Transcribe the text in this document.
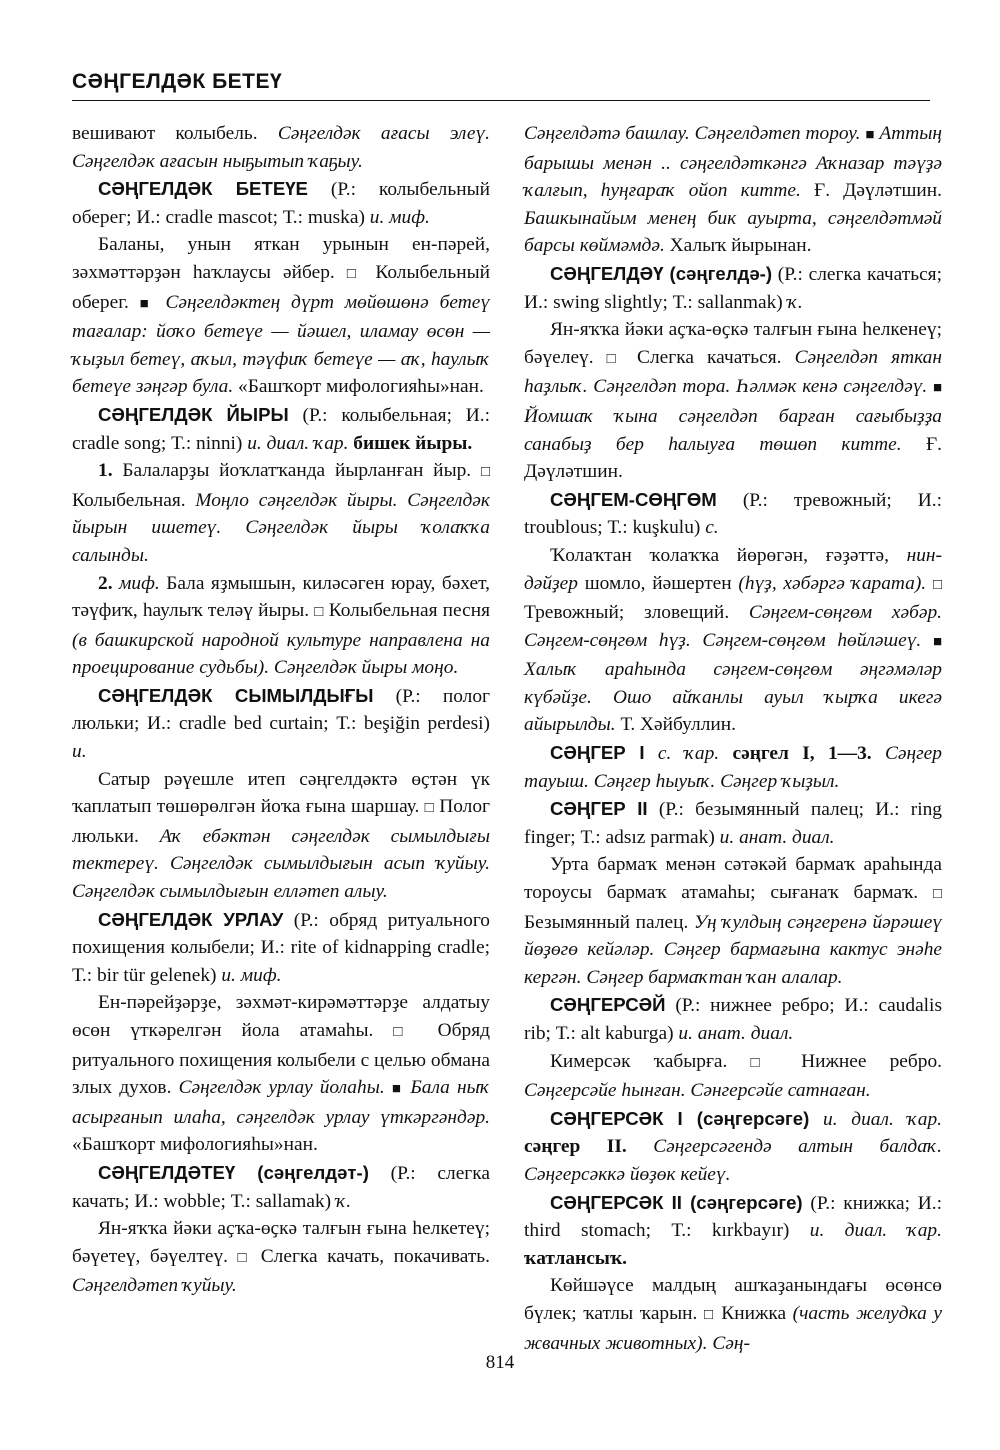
СӘҢГЕЛДӘК БЕТЕҮ

вешивают колыбель. Сәңгелдәк ағасы элеү. Сәңгелдәк ағасын ныҕытып ҡаҕыу.

СӘҢГЕЛДӘК БЕТЕҮЕ (Р.: колыбельный оберег; И.: cradle mascot; Т.: muska) и. миф.

Баланы, унын яткан урынын ен-пәрей, зәхмәттәрҙән һаҡлаусы әйбер. □ Колыбельный оберег. ■ Сәңгелдәктең дүрт мөйөшөнә бетеү тағалар: йоҡо бетеүе — йәшел, иламау өсөн — ҡыҙыл бетеү, аҡыл, тәүфиҡ бетеүе — аҡ, һаулыҡ бетеүе зәңгәр була. «Башҡорт мифологияһы»нан.

СӘҢГЕЛДӘК ЙЫРЫ (Р.: колыбельная; И.: cradle song; Т.: ninni) и. диал. ҡар. бишек йыры.

1. Балаларҙы йоҡлатҡанда йырланған йыр. □ Колыбельная. Моңло сәңгелдәк йыры. Сәңгелдәк йырын ишетеү. Сәңгелдәк йыры ҡолаҡҡа салынды.

2. миф. Бала яҙмышын, киләсәген юрау, бәхет, тәүфиҡ, һаулыҡ теләү йыры. □ Колыбельная песня (в башкирской народной культуре направлена на проецирование судьбы). Сәңгелдәк йыры моңо.

СӘҢГЕЛДӘК СЫМЫЛДЫҒЫ (Р.: полог люльки; И.: cradle bed curtain; Т.: beşiğin perdesi) и.

Сатыр рәүешле итеп сәңгелдәктә өҫтән үк ҡаплатып төшөрөлгән йоҡа ғына шаршау. □ Полог люльки. Аҡ ебәктән сәңгелдәк сымылдығы тектереү. Сәңгелдәк сымылдығын асып ҡуйыу. Сәңгелдәк сымылдығын елләтеп алыу.

СӘҢГЕЛДӘК УРЛАУ (Р.: обряд ритуального похищения колыбели; И.: rite of kidnapping cradle; Т.: bir tür gelenek) и. миф.

Ен-пәрейҙәрҙе, зәхмәт-кирәмәттәрҙе алдатыу өсөн үткәрелгән йола атамаһы. □ Обряд ритуального похищения колыбели с целью обмана злых духов. Сәңгелдәк урлау йолаһы. ■ Бала ныҡ асырғанып илаһа, сәңгелдәк урлау үткәргәндәр. «Башҡорт мифологияһы»нан.

СӘҢГЕЛДӘТЕҮ (сәңгелдәт-) (Р.: слегка качать; И.: wobble; Т.: sallamak) ҡ.

Ян-яҡҡа йәки аҫҡа-өҫкә талғын ғына һелкетеү; бәүетеү, бәүелтеү. □ Слегка качать, покачивать. Сәңгелдәтеп ҡуйыу.

Сәңгелдәтә башлау. Сәңгелдәтеп тороу. ■ Аттың барышы менән .. сәңгелдәткәнгә Аҡназар тәүҙә ҡалғып, һуңғараҡ ойоп китте. Ғ. Дәүләтшин. Башкынайым менең бик ауырта, сәңгелдәтмәй барсы көймәмдә. Халыҡ йырынан.

СӘҢГЕЛДӘҮ (сәңгелдә-) (Р.: слегка качаться; И.: swing slightly; Т.: sallanmak) ҡ.

Ян-яҡҡа йәки аҫҡа-өҫкә талғын ғына һелкенеү; бәүелеү. □ Слегка качаться. Сәңгелдәп яткан һаҙлыҡ. Сәңгелдәп тора. Һәлмәк кенә сәңгелдәү. ■ Йомшаҡ ҡына сәңгелдәп барған сағыбыҙҙа санабыҙ бер һалыуға төшөп китте. Ғ. Дәүләтшин.

СӘҢГЕМ-СӨҢГӨМ (Р.: тревожный; И.: troublous; Т.: kuşkulu) с.

Ҡолаҡтан ҡолаҡҡа йөрөгән, ғәҙәттә, нин-дәйҙер шомло, йәшертен (һүҙ, хәбәргә ҡарата). □ Тревожный; зловещий. Сәңгем-сөңгөм хәбәр. Сәңгем-сөңгөм һүҙ. Сәңгем-сөңгөм һөйләшеү. ■ Халыҡ араһында сәңгем-сөңгөм әңгәмәләр күбәйҙе. Ошо айҡанлы ауыл ҡырҡа икегә айырылды. Т. Хәйбуллин.

СӘҢГЕР I с. ҡар. сәңгел I, 1—3. Сәңгер тауыш. Сәңгер һыуыҡ. Сәңгер ҡыҙыл.

СӘҢГЕР II (Р.: безымянный палец; И.: ring finger; Т.: adsız parmak) и. анат. диал.

Урта бармаҡ менән сәтәкәй бармаҡ араһында тороусы бармаҡ атамаһы; сығанаҡ бармаҡ. □ Безымянный палец. Уң ҡулдың сәңгеренә йәрәшеү йөҙөгө кейәләр. Сәңгер бармағына кактус энәһе кергән. Сәңгер бармаҡтан ҡан алалар.

СӘҢГЕРСӘЙ (Р.: нижнее ребро; И.: caudalis rib; Т.: alt kaburga) и. анат. диал.

Кимерсәк ҡабырға. □ Нижнее ребро. Сәңгерсәйе һынған. Сәнгерсәйе сатнаған.

СӘҢГЕРСӘК I (сәңгерсәге) и. диал. ҡар. сәңгер II. Сәңгерсәгендә алтын балдаҡ. Сәңгерсәккә йөҙөк кейеү.

СӘҢГЕРСӘК II (сәңгерсәге) (Р.: книжка; И.: third stomach; Т.: kırkbayır) и. диал. ҡар. ҡатлансыҡ.

Көйшәүсе малдың ашҡаҙанындағы өсөнсө бүлек; ҡатлы ҡарын. □ Книжка (часть желудка у жвачных животных). Сәң-

814
